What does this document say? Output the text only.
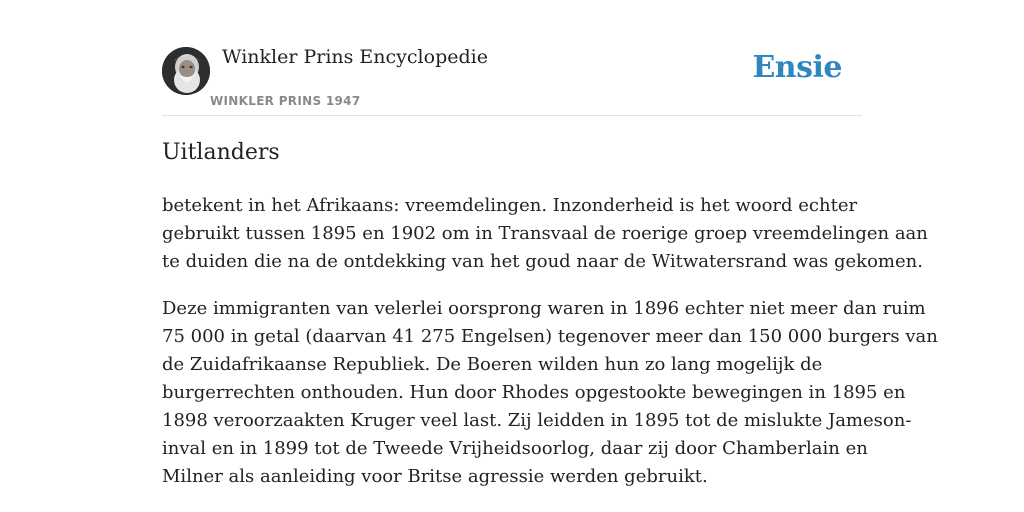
Winkler Prins Encyclopedie
WINKLER PRINS 1947
Ensie
Uitlanders

betekent in het Afrikaans: vreemdelingen. Inzonderheid is het woord echter
gebruikt tussen 1895 en 1902 om in Transvaal de roerige groep vreemdelingen aan
te duiden die na de ontdekking van het goud naar de Witwatersrand was gekomen.

Deze immigranten van velerlei oorsprong waren in 1896 echter niet meer dan ruim
75 000 in getal (daarvan 41 275 Engelsen) tegenover meer dan 150 000 burgers van
de Zuidafrikaanse Republiek. De Boeren wilden hun zo lang mogelijk de
burgerrechten onthouden. Hun door Rhodes opgestookte bewegingen in 1895 en
1898 veroorzaakten Kruger veel last. Zij leidden in 1895 tot de mislukte Jameson-
inval en in 1899 tot de Tweede Vrijheidsoorlog, daar zij door Chamberlain en
Milner als aanleiding voor Britse agressie werden gebruikt.
